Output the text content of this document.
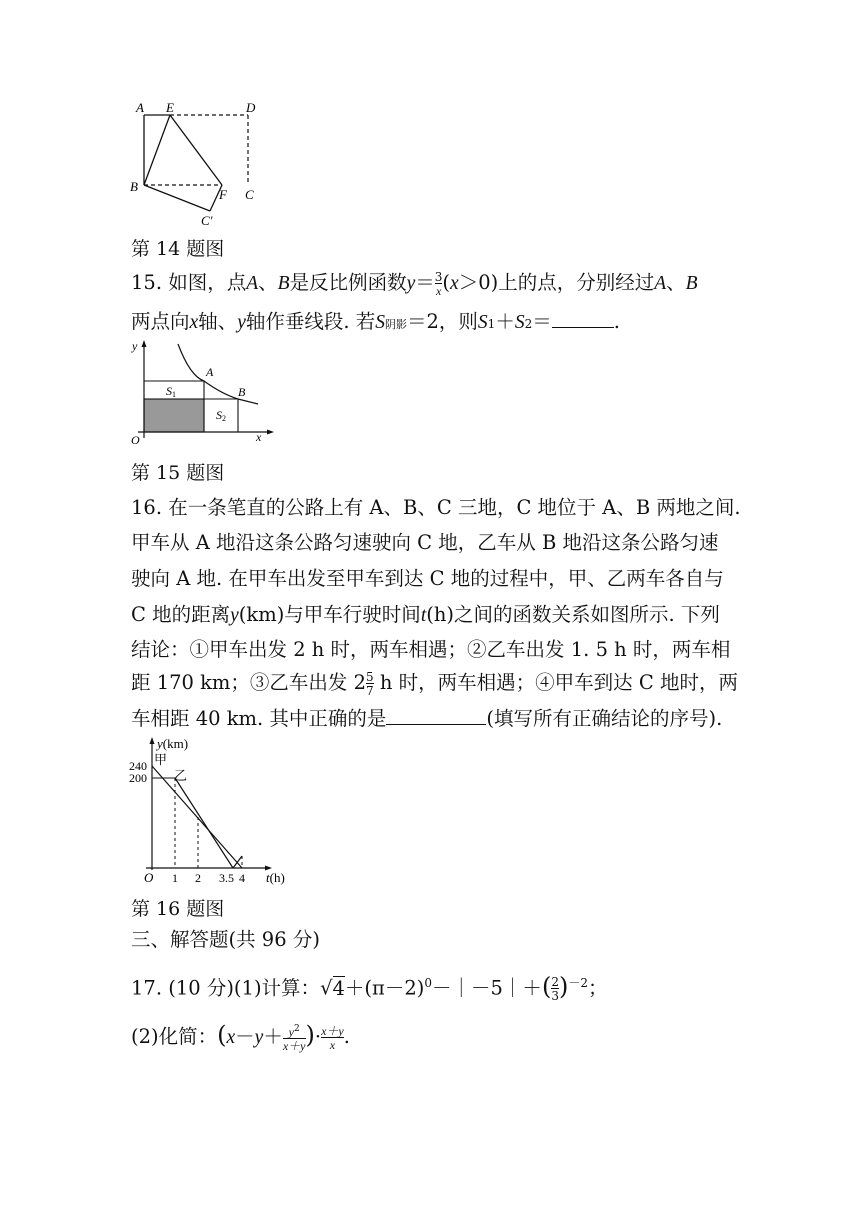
A E	D
B
F C
C′
第 14 题图
15. 如图，点A、B是反比例函数$y= \frac{3}{x} (x>0)$上的点，分别经过A、B
两点向x轴、y轴作垂线段. 若S阴影＝2，则S1＋S2＝	.
y
A
B
S1
S2
O	x
第 15 题图
16. 在一条笔直的公路上有 A、B、C 三地，C 地位于 A、B 两地之间.
甲车从 A 地沿这条公路匀速驶向 C 地，乙车从 B 地沿这条公路匀速
驶向 A 地. 在甲车出发至甲车到达 C 地的过程中，甲、乙两车各自与
C 地的距离y(km)与甲车行驶时间t(h)之间的函数关系如图所示. 下列
结论：①甲车出发 2 h 时，两车相遇；②乙车出发 1. 5 h 时，两车相
距 170 km；③乙车出发 $2 \frac{5}{7}$ h 时，两车相遇；④甲车到达 C 地时，两
车相距 40 km. 其中正确的是	(填写所有正确结论的序号).
y(km)
甲
乙
240
200
O 1 2 3.5 4 t(h)
第 16 题图
三、解答题(共 96 分)
17. (10 分)(1)计算：$√4+(\pi-2)^0-|-5|+( \frac{2}{3} )^{-2}$；
(2)化简：($x-y+ \frac{y^2}{x+y}$ )· $\frac{x+y}{x}$ .
